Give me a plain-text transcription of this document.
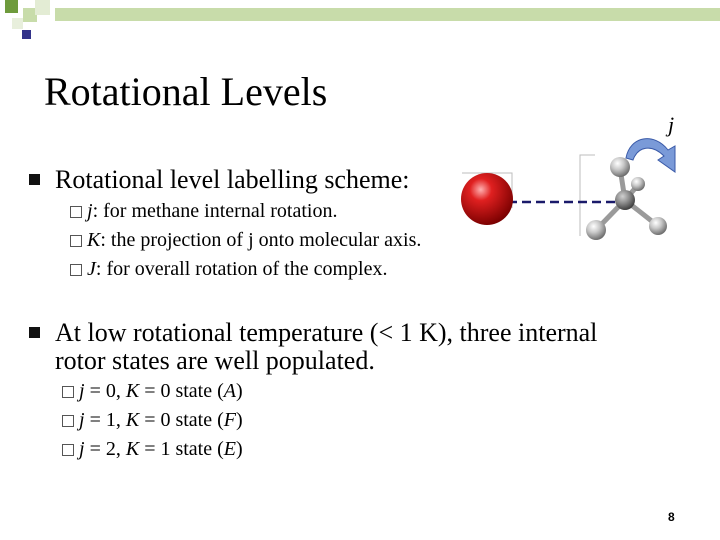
Rotational Levels
Rotational level labelling scheme:
j: for methane internal rotation.
K: the projection of j onto molecular axis.
J: for overall rotation of the complex.
At low rotational temperature (< 1 K), three internal
rotor states are well populated.
j = 0, K = 0 state (A)
j = 1, K = 0 state (F)
j = 2, K = 1 state (E)
j
8
